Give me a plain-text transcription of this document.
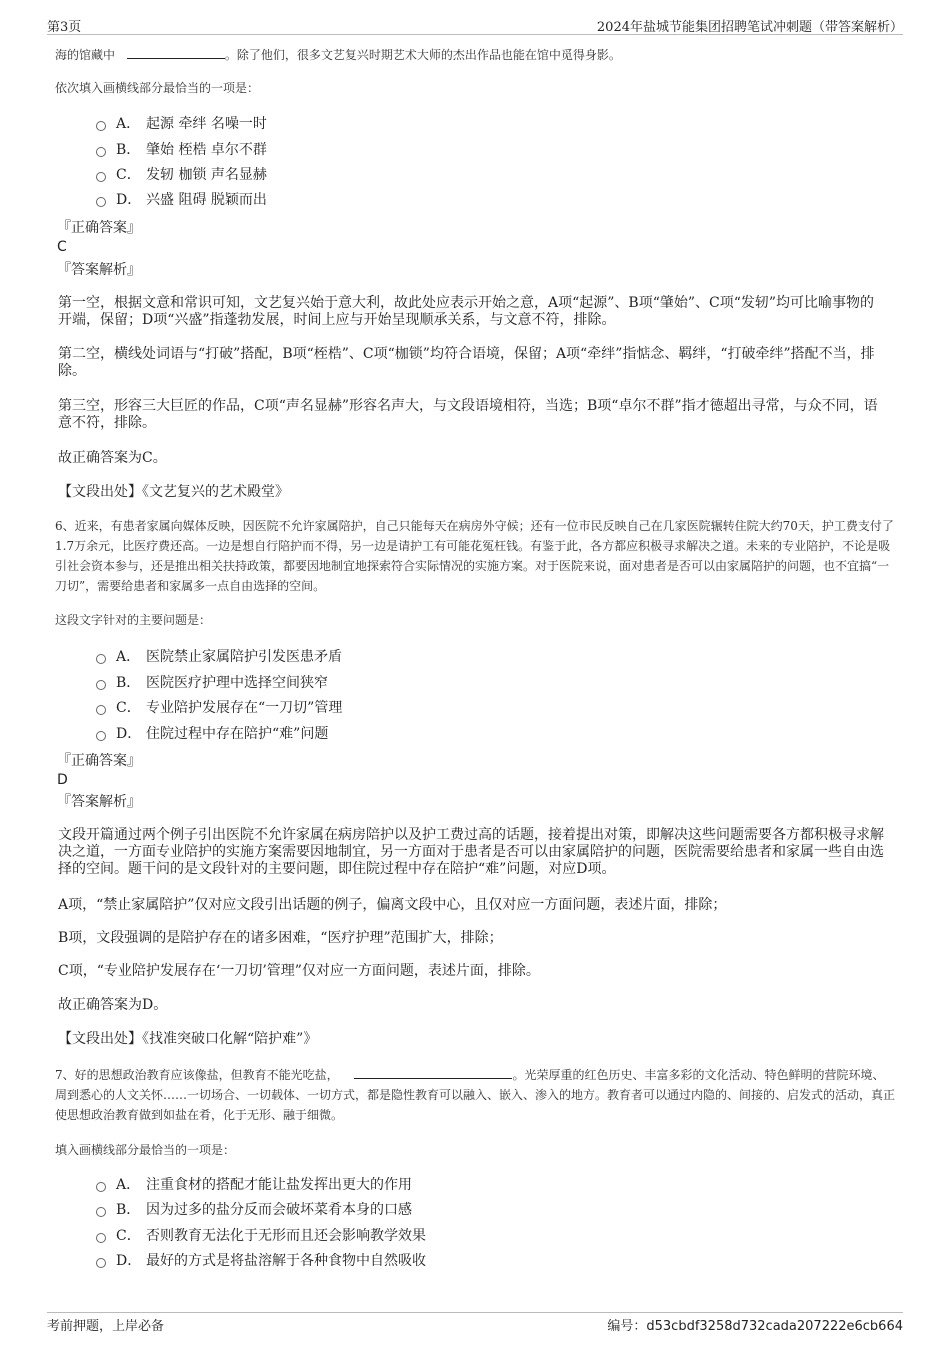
第3页	2024年盐城节能集团招聘笔试冲刺题（带答案解析）
海的馆藏中	。除了他们，很多文艺复兴时期艺术大师的杰出作品也能在馆中觅得身影。
依次填入画横线部分最恰当的一项是：
A． 起源 牵绊 名噪一时
B． 肇始 桎梏 卓尔不群
C． 发轫 枷锁 声名显赫
D． 兴盛 阻碍 脱颖而出
『正确答案』
C
『答案解析』
第一空，根据文意和常识可知，文艺复兴始于意大利，故此处应表示开始之意，A项“起源”、B项“肇始”、C项“发轫”均可比喻事物的开端，保留；D项“兴盛”指蓬勃发展，时间上应与开始呈现顺承关系，与文意不符，排除。
第二空，横线处词语与“打破”搭配，B项“桎梏”、C项“枷锁”均符合语境，保留；A项“牵绊”指惦念、羁绊，“打破牵绊”搭配不当，排除。
第三空，形容三大巨匠的作品，C项“声名显赫”形容名声大，与文段语境相符，当选；B项“卓尔不群”指才德超出寻常，与众不同，语意不符，排除。
故正确答案为C。
【文段出处】《文艺复兴的艺术殿堂》
6、近来，有患者家属向媒体反映，因医院不允许家属陪护，自己只能每天在病房外守候；还有一位市民反映自己在几家医院辗转住院大约70天，护工费支付了1.7万余元，比医疗费还高。一边是想自行陪护而不得，另一边是请护工有可能花冤枉钱。有鉴于此，各方都应积极寻求解决之道。未来的专业陪护，不论是吸引社会资本参与，还是推出相关扶持政策，都要因地制宜地探索符合实际情况的实施方案。对于医院来说，面对患者是否可以由家属陪护的问题，也不宜搞“一刀切”，需要给患者和家属多一点自由选择的空间。
这段文字针对的主要问题是：
A． 医院禁止家属陪护引发医患矛盾
B． 医院医疗护理中选择空间狭窄
C． 专业陪护发展存在“一刀切”管理
D． 住院过程中存在陪护“难”问题
『正确答案』
D
『答案解析』
文段开篇通过两个例子引出医院不允许家属在病房陪护以及护工费过高的话题，接着提出对策，即解决这些问题需要各方都积极寻求解决之道，一方面专业陪护的实施方案需要因地制宜，另一方面对于患者是否可以由家属陪护的问题，医院需要给患者和家属一些自由选择的空间。题干问的是文段针对的主要问题，即住院过程中存在陪护“难”问题，对应D项。
A项，“禁止家属陪护”仅对应文段引出话题的例子，偏离文段中心，且仅对应一方面问题，表述片面，排除；
B项，文段强调的是陪护存在的诸多困难，“医疗护理”范围扩大，排除；
C项，“专业陪护发展存在‘一刀切’管理”仅对应一方面问题，表述片面，排除。
故正确答案为D。
【文段出处】《找准突破口化解“陪护难”》
7、好的思想政治教育应该像盐，但教育不能光吃盐，	。光荣厚重的红色历史、丰富多彩的文化活动、特色鲜明的营院环境、周到悉心的人文关怀……一切场合、一切载体、一切方式，都是隐性教育可以融入、嵌入、渗入的地方。教育者可以通过内隐的、间接的、启发式的活动，真正使思想政治教育做到如盐在肴，化于无形、融于细微。
填入画横线部分最恰当的一项是：
A． 注重食材的搭配才能让盐发挥出更大的作用
B． 因为过多的盐分反而会破坏菜肴本身的口感
C． 否则教育无法化于无形而且还会影响教学效果
D． 最好的方式是将盐溶解于各种食物中自然吸收
考前押题，上岸必备	编号：d53cbdf3258d732cada207222e6cb664
